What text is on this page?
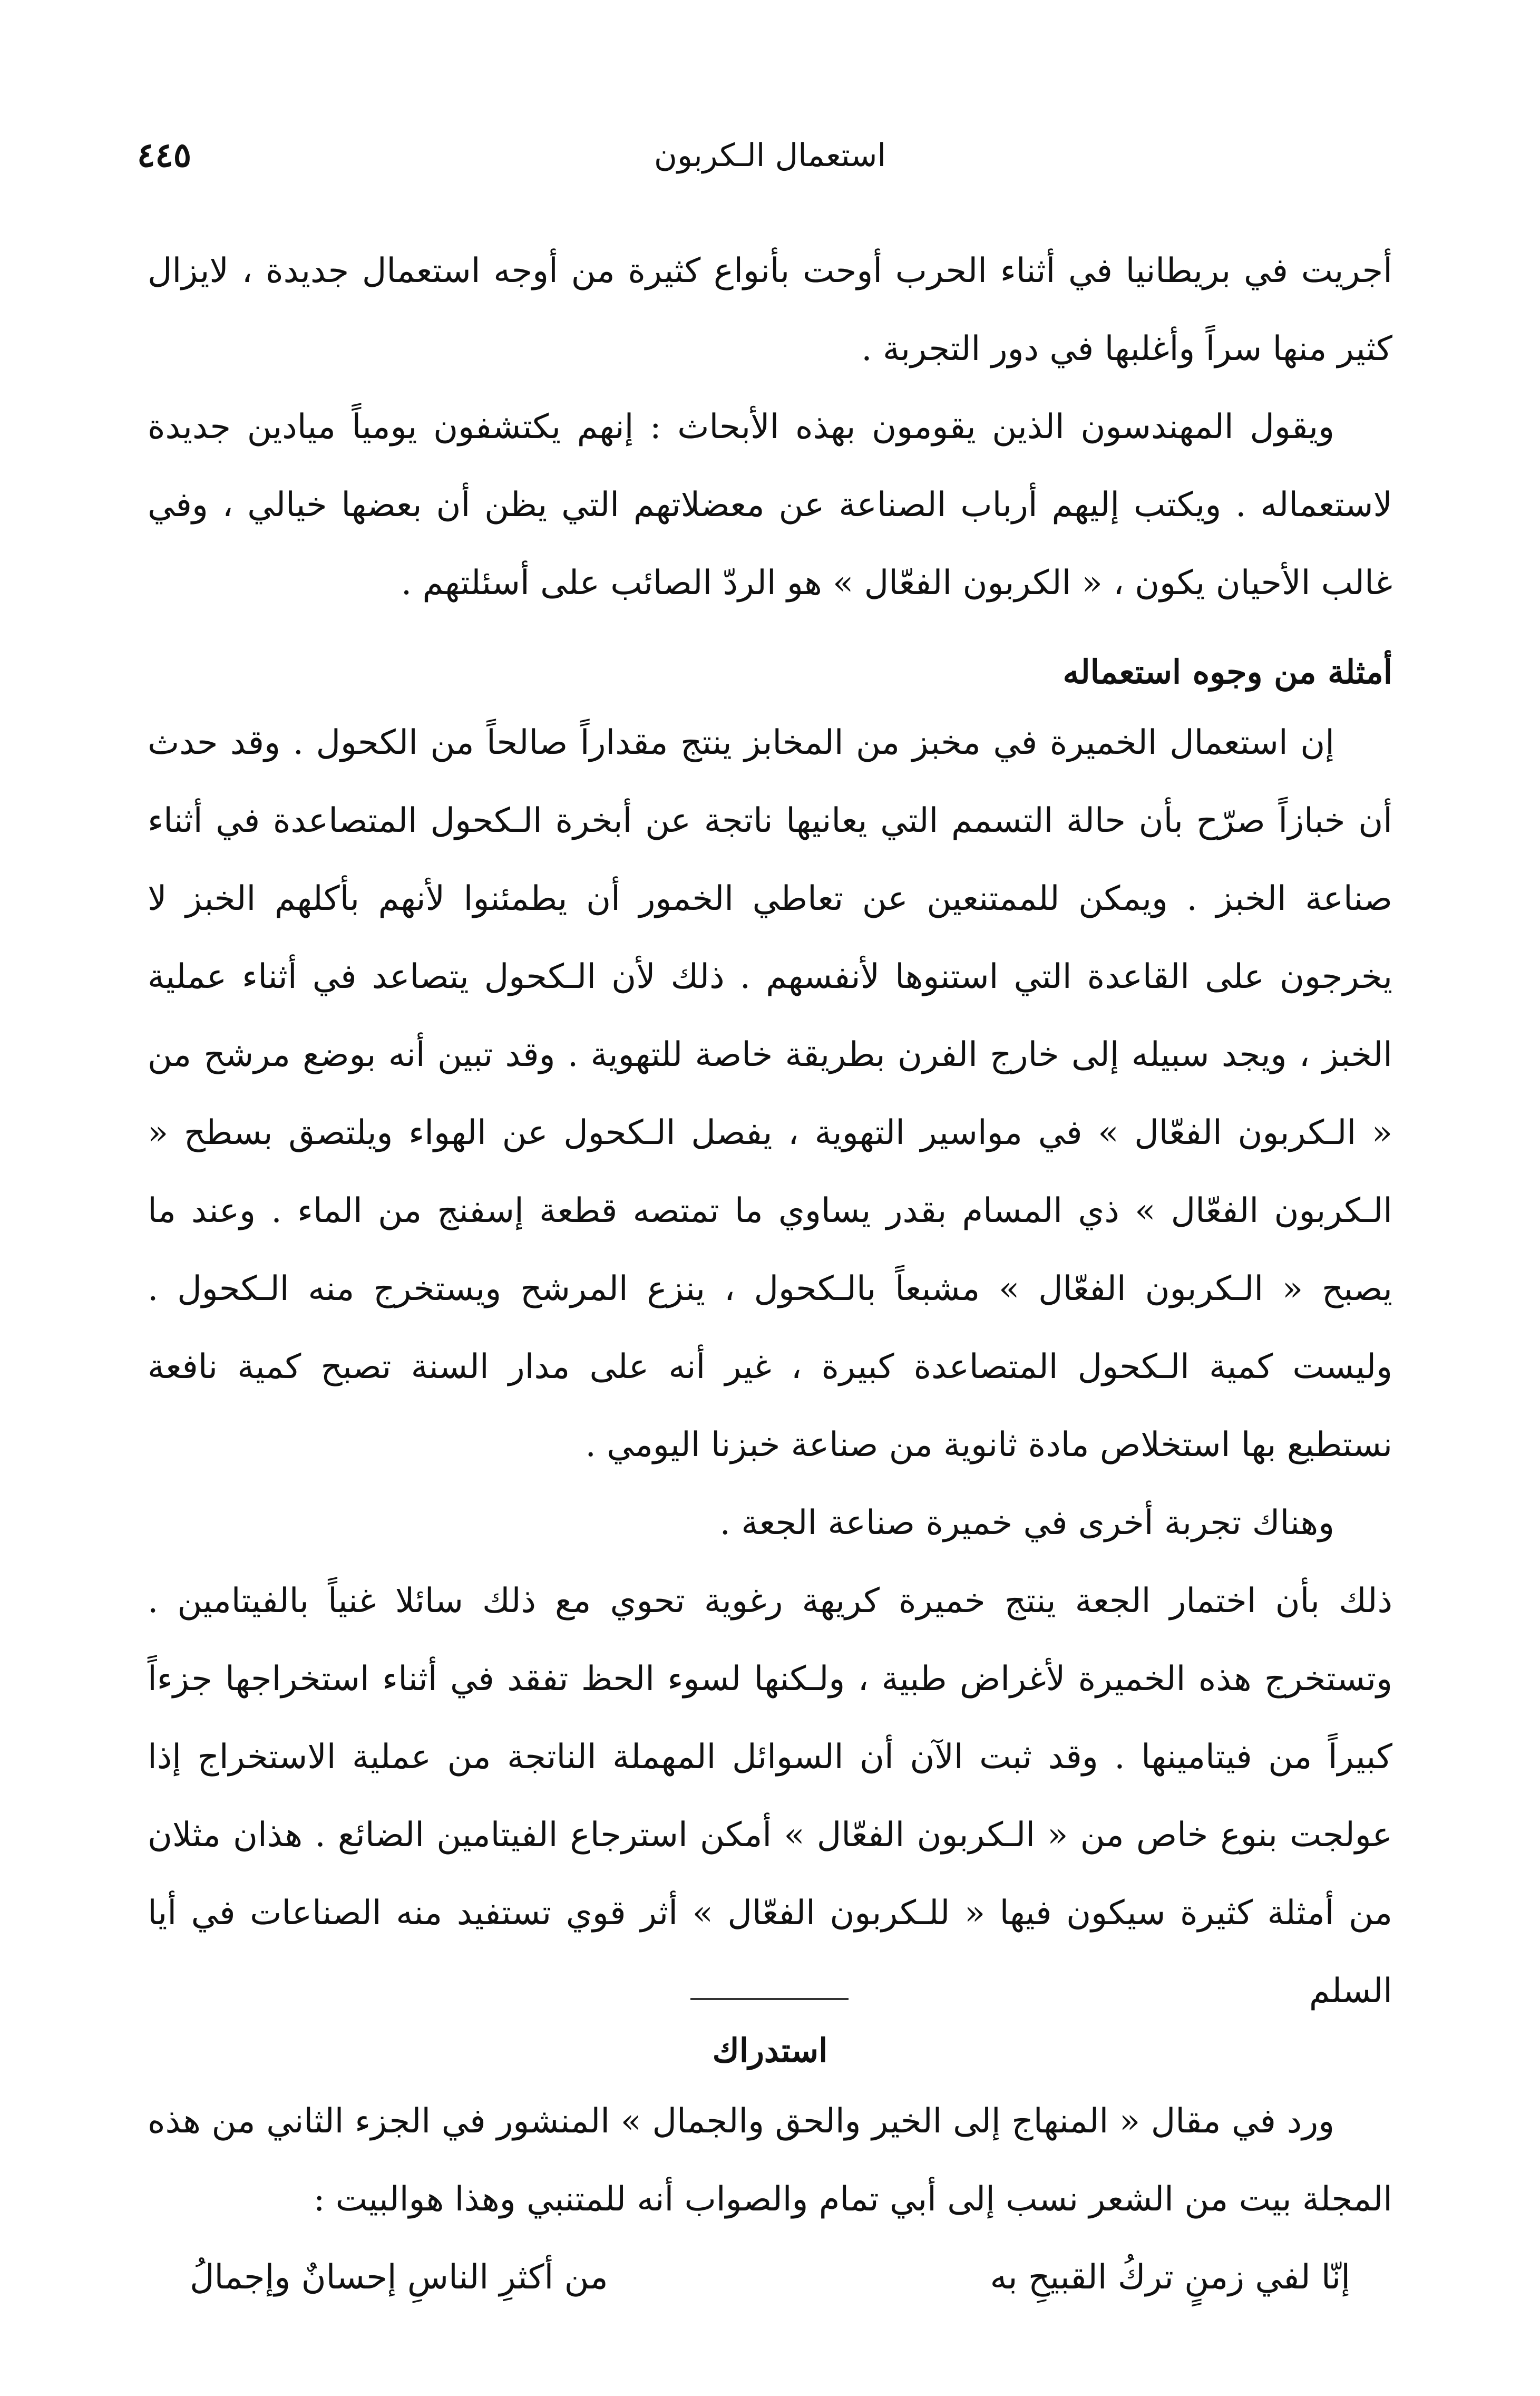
استعمال الـكربون
٤٤٥

أجريت في بريطانيا في أثناء الحرب أوحت بأنواع كثيرة من أوجه استعمال جديدة ، لايزال كثير منها سراً وأغلبها في دور التجربة .

ويقول المهندسون الذين يقومون بهذه الأبحاث : إنهم يكتشفون يومياً ميادين جديدة لاستعماله . ويكتب إليهم أرباب الصناعة عن معضلاتهم التي يظن أن بعضها خيالي ، وفي غالب الأحيان يكون ، « الكربون الفعّال » هو الردّ الصائب على أسئلتهم .

أمثلة من وجوه استعماله

إن استعمال الخميرة في مخبز من المخابز ينتج مقداراً صالحاً من الكحول . وقد حدث أن خبازاً صرّح بأن حالة التسمم التي يعانيها ناتجة عن أبخرة الـكحول المتصاعدة في أثناء صناعة الخبز . ويمكن للممتنعين عن تعاطي الخمور أن يطمئنوا لأنهم بأكلهم الخبز لا يخرجون على القاعدة التي استنوها لأنفسهم . ذلك لأن الـكحول يتصاعد في أثناء عملية الخبز ، ويجد سبيله إلى خارج الفرن بطريقة خاصة للتهوية . وقد تبين أنه بوضع مرشح من « الـكربون الفعّال » في مواسير التهوية ، يفصل الـكحول عن الهواء ويلتصق بسطح « الـكربون الفعّال » ذي المسام بقدر يساوي ما تمتصه قطعة إسفنج من الماء . وعند ما يصبح « الـكربون الفعّال » مشبعاً بالـكحول ، ينزع المرشح ويستخرج منه الـكحول . وليست كمية الـكحول المتصاعدة كبيرة ، غير أنه على مدار السنة تصبح كمية نافعة نستطيع بها استخلاص مادة ثانوية من صناعة خبزنا اليومي .

وهناك تجربة أخرى في خميرة صناعة الجعة .

ذلك بأن اختمار الجعة ينتج خميرة كريهة رغوية تحوي مع ذلك سائلا غنياً بالفيتامين . وتستخرج هذه الخميرة لأغراض طبية ، ولـكنها لسوء الحظ تفقد في أثناء استخراجها جزءاً كبيراً من فيتامينها . وقد ثبت الآن أن السوائل المهملة الناتجة من عملية الاستخراج إذا عولجت بنوع خاص من « الـكربون الفعّال » أمكن استرجاع الفيتامين الضائع . هذان مثلان من أمثلة كثيرة سيكون فيها « للـكربون الفعّال » أثر قوي تستفيد منه الصناعات في أيا السلم

استدراك

ورد في مقال « المنهاج إلى الخير والحق والجمال » المنشور في الجزء الثاني من هذه المجلة بيت من الشعر نسب إلى أبي تمام والصواب أنه للمتنبي وهذا هوالبيت :

إنّا لفي زمنٍ تركُ القبيحِ به
من أكثرِ الناسِ إحسانٌ وإجمالُ
